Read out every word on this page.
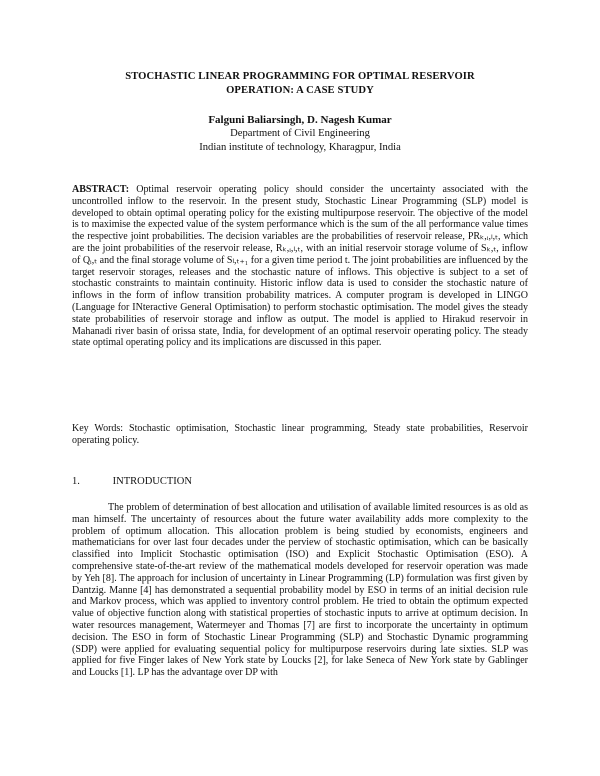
STOCHASTIC LINEAR PROGRAMMING FOR OPTIMAL RESERVOIR
OPERATION: A CASE STUDY
Falguni Baliarsingh, D. Nagesh Kumar
Department of Civil Engineering
Indian institute of technology, Kharagpur, India
ABSTRACT: Optimal reservoir operating policy should consider the uncertainty associated with the uncontrolled inflow to the reservoir. In the present study, Stochastic Linear Programming (SLP) model is developed to obtain optimal operating policy for the existing multipurpose reservoir. The objective of the model is to maximise the expected value of the system performance which is the sum of the all performance value times the respective joint probabilities. The decision variables are the probabilities of reservoir release, PRₖ,ᵢ,ₗ,ₜ, which are the joint probabilities of the reservoir release, Rₖ,ᵢ,ₗ,ₜ, with an initial reservoir storage volume of Sₖ,ₜ, inflow of Qᵢ,ₜ and the final storage volume of Sₗ,ₜ₊₁ for a given time period t. The joint probabilities are influenced by the target reservoir storages, releases and the stochastic nature of inflows. This objective is subject to a set of stochastic constraints to maintain continuity. Historic inflow data is used to consider the stochastic nature of inflows in the form of inflow transition probability matrices. A computer program is developed in LINGO (Language for INteractive General Optimisation) to perform stochastic optimisation. The model gives the steady state probabilities of reservoir storage and inflow as output. The model is applied to Hirakud reservoir in Mahanadi river basin of orissa state, India, for development of an optimal reservoir operating policy. The steady state optimal operating policy and its implications are discussed in this paper.
Key Words: Stochastic optimisation, Stochastic linear programming, Steady state probabilities, Reservoir operating policy.
1.	INTRODUCTION
The problem of determination of best allocation and utilisation of available limited resources is as old as man himself. The uncertainty of resources about the future water availability adds more complexity to the problem of optimum allocation. This allocation problem is being studied by economists, engineers and mathematicians for over last four decades under the perview of stochastic optimisation, which can be basically classified into Implicit Stochastic optimisation (ISO) and Explicit Stochastic Optimisation (ESO). A comprehensive state-of-the-art review of the mathematical models developed for reservoir operation was made by Yeh [8]. The approach for inclusion of uncertainty in Linear Programming (LP) formulation was first given by Dantzig. Manne [4] has demonstrated a sequential probability model by ESO in terms of an initial decision rule and Markov process, which was applied to inventory control problem. He tried to obtain the optimum expected value of objective function along with statistical properties of stochastic inputs to arrive at optimum decision. In water resources management, Watermeyer and Thomas [7] are first to incorporate the uncertainty in optimum decision. The ESO in form of Stochastic Linear Programming (SLP) and Stochastic Dynamic programming (SDP) were applied for evaluating sequential policy for multipurpose reservoirs during late sixties. SLP was applied for five Finger lakes of New York state by Loucks [2], for lake Seneca of New York state by Gablinger and Loucks [1]. LP has the advantage over DP with
